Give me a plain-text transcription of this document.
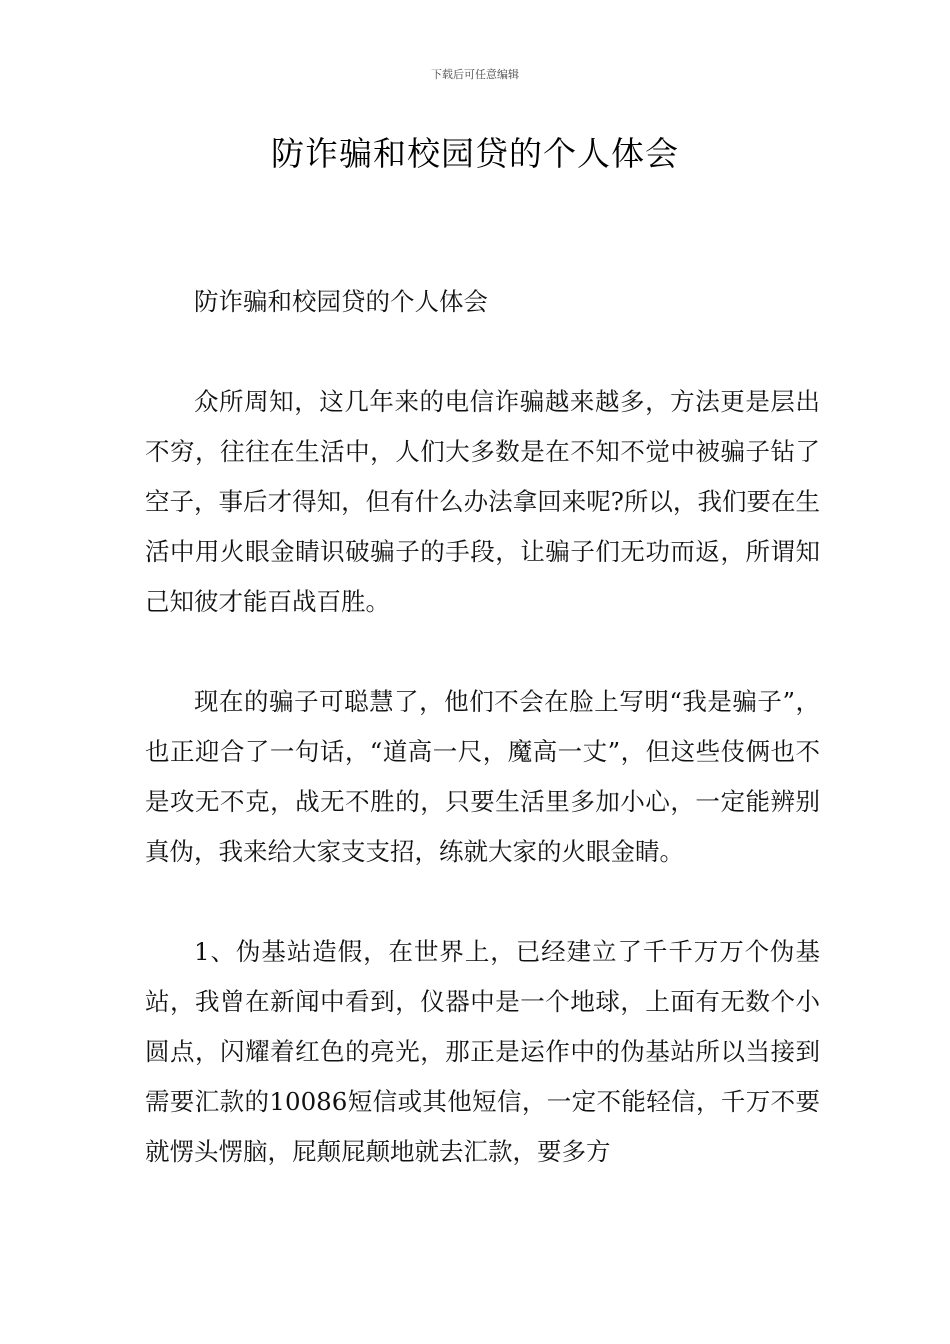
下载后可任意编辑
防诈骗和校园贷的个人体会

防诈骗和校园贷的个人体会

众所周知，这几年来的电信诈骗越来越多，方法更是层出不穷，往往在生活中，人们大多数是在不知不觉中被骗子钻了空子，事后才得知，但有什么办法拿回来呢?所以，我们要在生活中用火眼金睛识破骗子的手段，让骗子们无功而返，所谓知己知彼才能百战百胜。

现在的骗子可聪慧了，他们不会在脸上写明“我是骗子”，也正迎合了一句话，“道高一尺，魔高一丈”，但这些伎俩也不是攻无不克，战无不胜的，只要生活里多加小心，一定能辨别真伪，我来给大家支支招，练就大家的火眼金睛。

1、伪基站造假，在世界上，已经建立了千千万万个伪基站，我曾在新闻中看到，仪器中是一个地球，上面有无数个小圆点，闪耀着红色的亮光，那正是运作中的伪基站所以当接到需要汇款的10086短信或其他短信，一定不能轻信，千万不要就愣头愣脑，屁颠屁颠地就去汇款，要多方
